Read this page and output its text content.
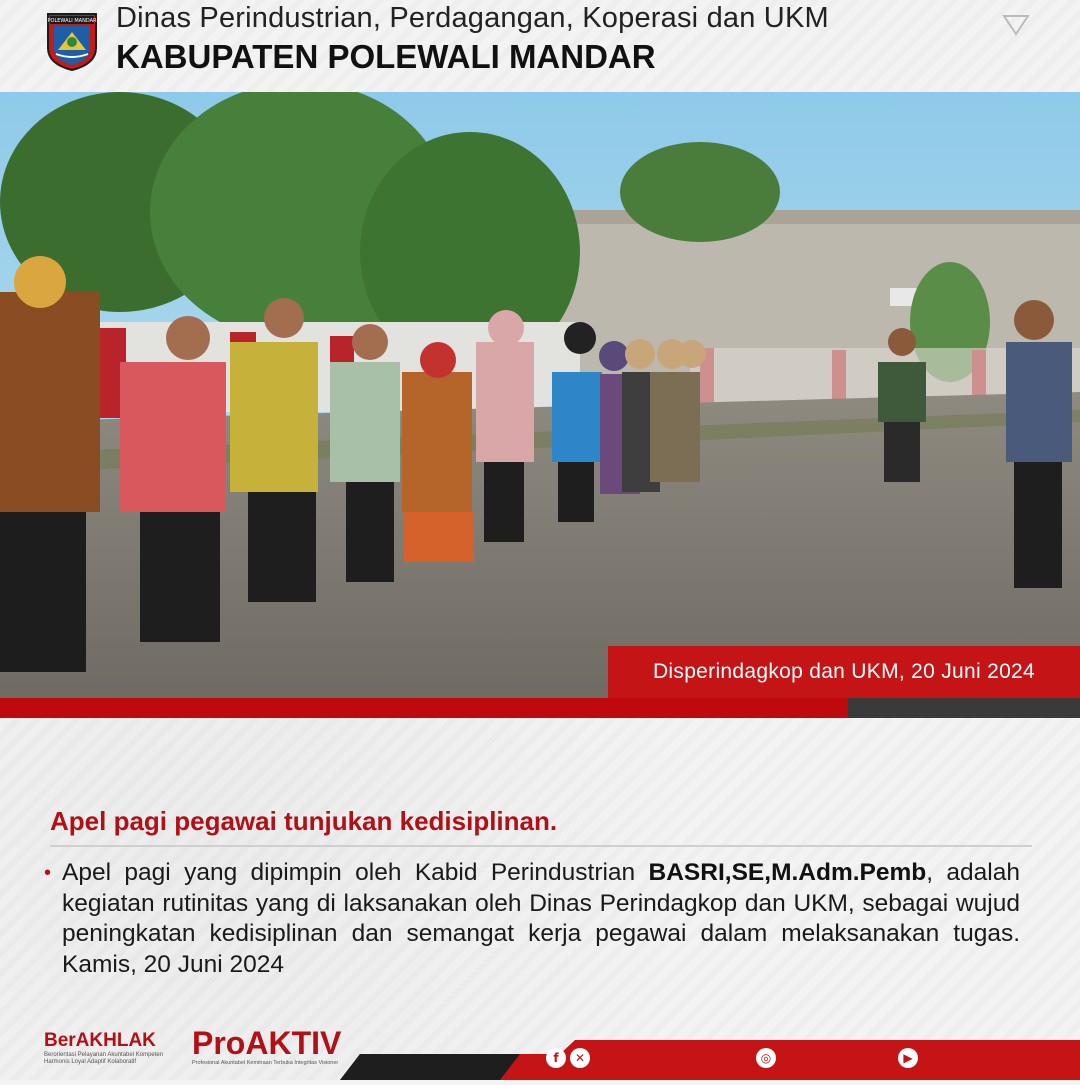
POLEWALI MANDAR Dinas Perindustrian, Perdagangan, Koperasi dan UKM
KABUPATEN POLEWALI MANDAR
Disperindagkop dan UKM, 20 Juni 2024
Apel pagi pegawai tunjukan kedisiplinan.
• Apel pagi yang dipimpin oleh Kabid Perindustrian BASRI,SE,M.Adm.Pemb, adalah kegiatan rutinitas yang di laksanakan oleh Dinas Perindagkop dan UKM, sebagai wujud peningkatan kedisiplinan dan semangat kerja pegawai dalam melaksanakan tugas. Kamis, 20 Juni 2024
BerAKHLAK
Berorientasi Pelayanan Akuntabel Kompeten
Harmonis Loyal Adaptif Kolaboratif
ProAKTIV
Profesional Akuntabel Kemitraan Terbuka Integritas Visioner	f	✕	◎	▶
